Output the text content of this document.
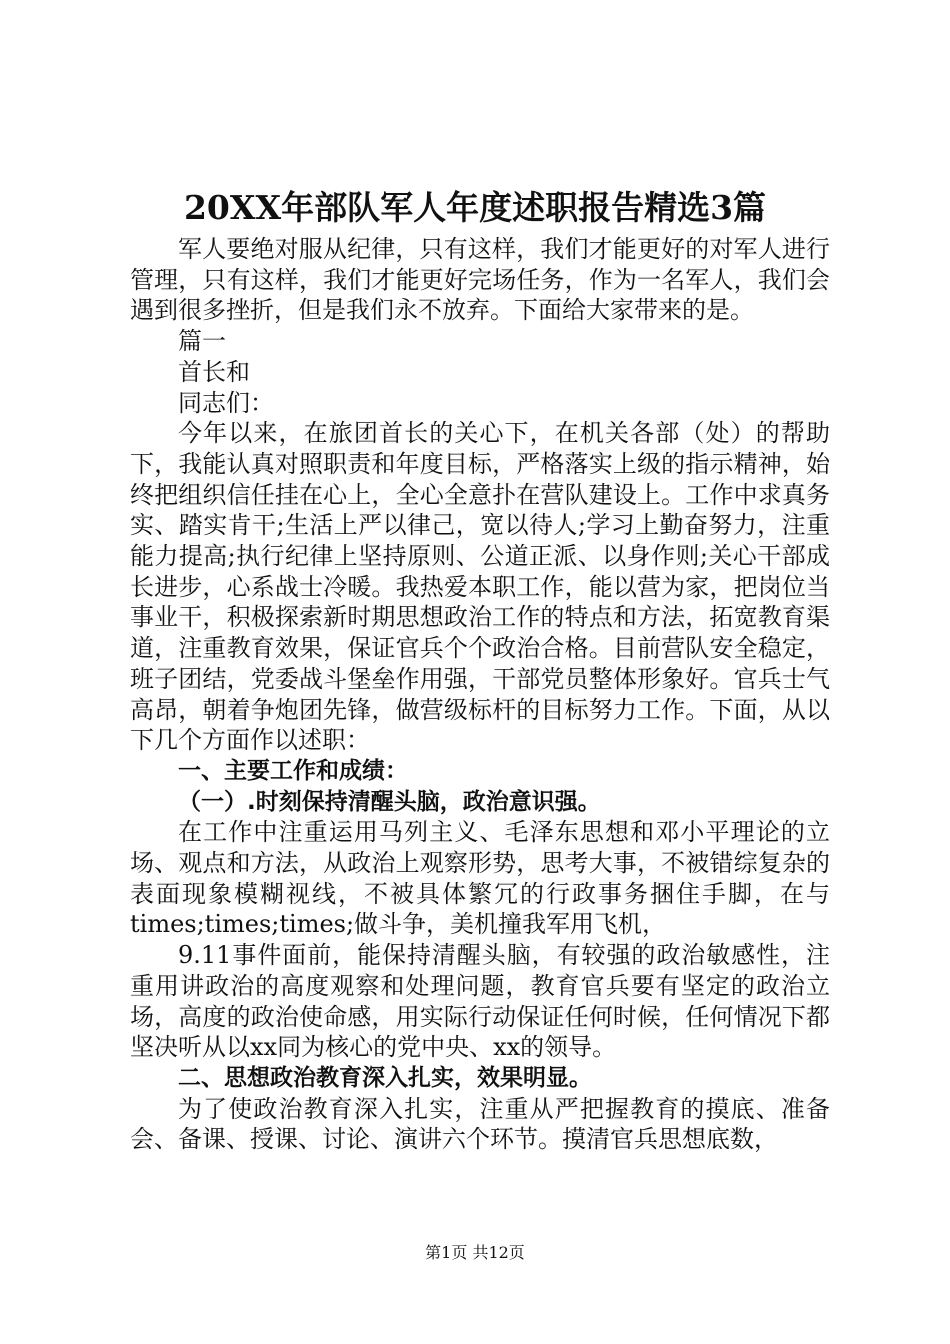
20XX年部队军人年度述职报告精选3篇

军人要绝对服从纪律，只有这样，我们才能更好的对军人进行管理，只有这样，我们才能更好完场任务，作为一名军人，我们会遇到很多挫折，但是我们永不放弃。下面给大家带来的是。

篇一

首长和

同志们：

今年以来，在旅团首长的关心下，在机关各部（处）的帮助下，我能认真对照职责和年度目标，严格落实上级的指示精神，始终把组织信任挂在心上，全心全意扑在营队建设上。工作中求真务实、踏实肯干;生活上严以律己，宽以待人;学习上勤奋努力，注重能力提高;执行纪律上坚持原则、公道正派、以身作则;关心干部成长进步，心系战士冷暖。我热爱本职工作，能以营为家，把岗位当事业干，积极探索新时期思想政治工作的特点和方法，拓宽教育渠道，注重教育效果，保证官兵个个政治合格。目前营队安全稳定，班子团结，党委战斗堡垒作用强，干部党员整体形象好。官兵士气高昂，朝着争炮团先锋，做营级标杆的目标努力工作。下面，从以下几个方面作以述职：

一、主要工作和成绩：

（一）.时刻保持清醒头脑，政治意识强。

在工作中注重运用马列主义、毛泽东思想和邓小平理论的立场、观点和方法，从政治上观察形势，思考大事，不被错综复杂的表面现象模糊视线，不被具体繁冗的行政事务捆住手脚，在与times;times;times;做斗争，美机撞我军用飞机，

9.11事件面前，能保持清醒头脑，有较强的政治敏感性，注重用讲政治的高度观察和处理问题，教育官兵要有坚定的政治立场，高度的政治使命感，用实际行动保证任何时候，任何情况下都坚决听从以xx同为核心的党中央、xx的领导。

二、思想政治教育深入扎实，效果明显。

为了使政治教育深入扎实，注重从严把握教育的摸底、准备会、备课、授课、讨论、演讲六个环节。摸清官兵思想底数，

第1页 共12页
